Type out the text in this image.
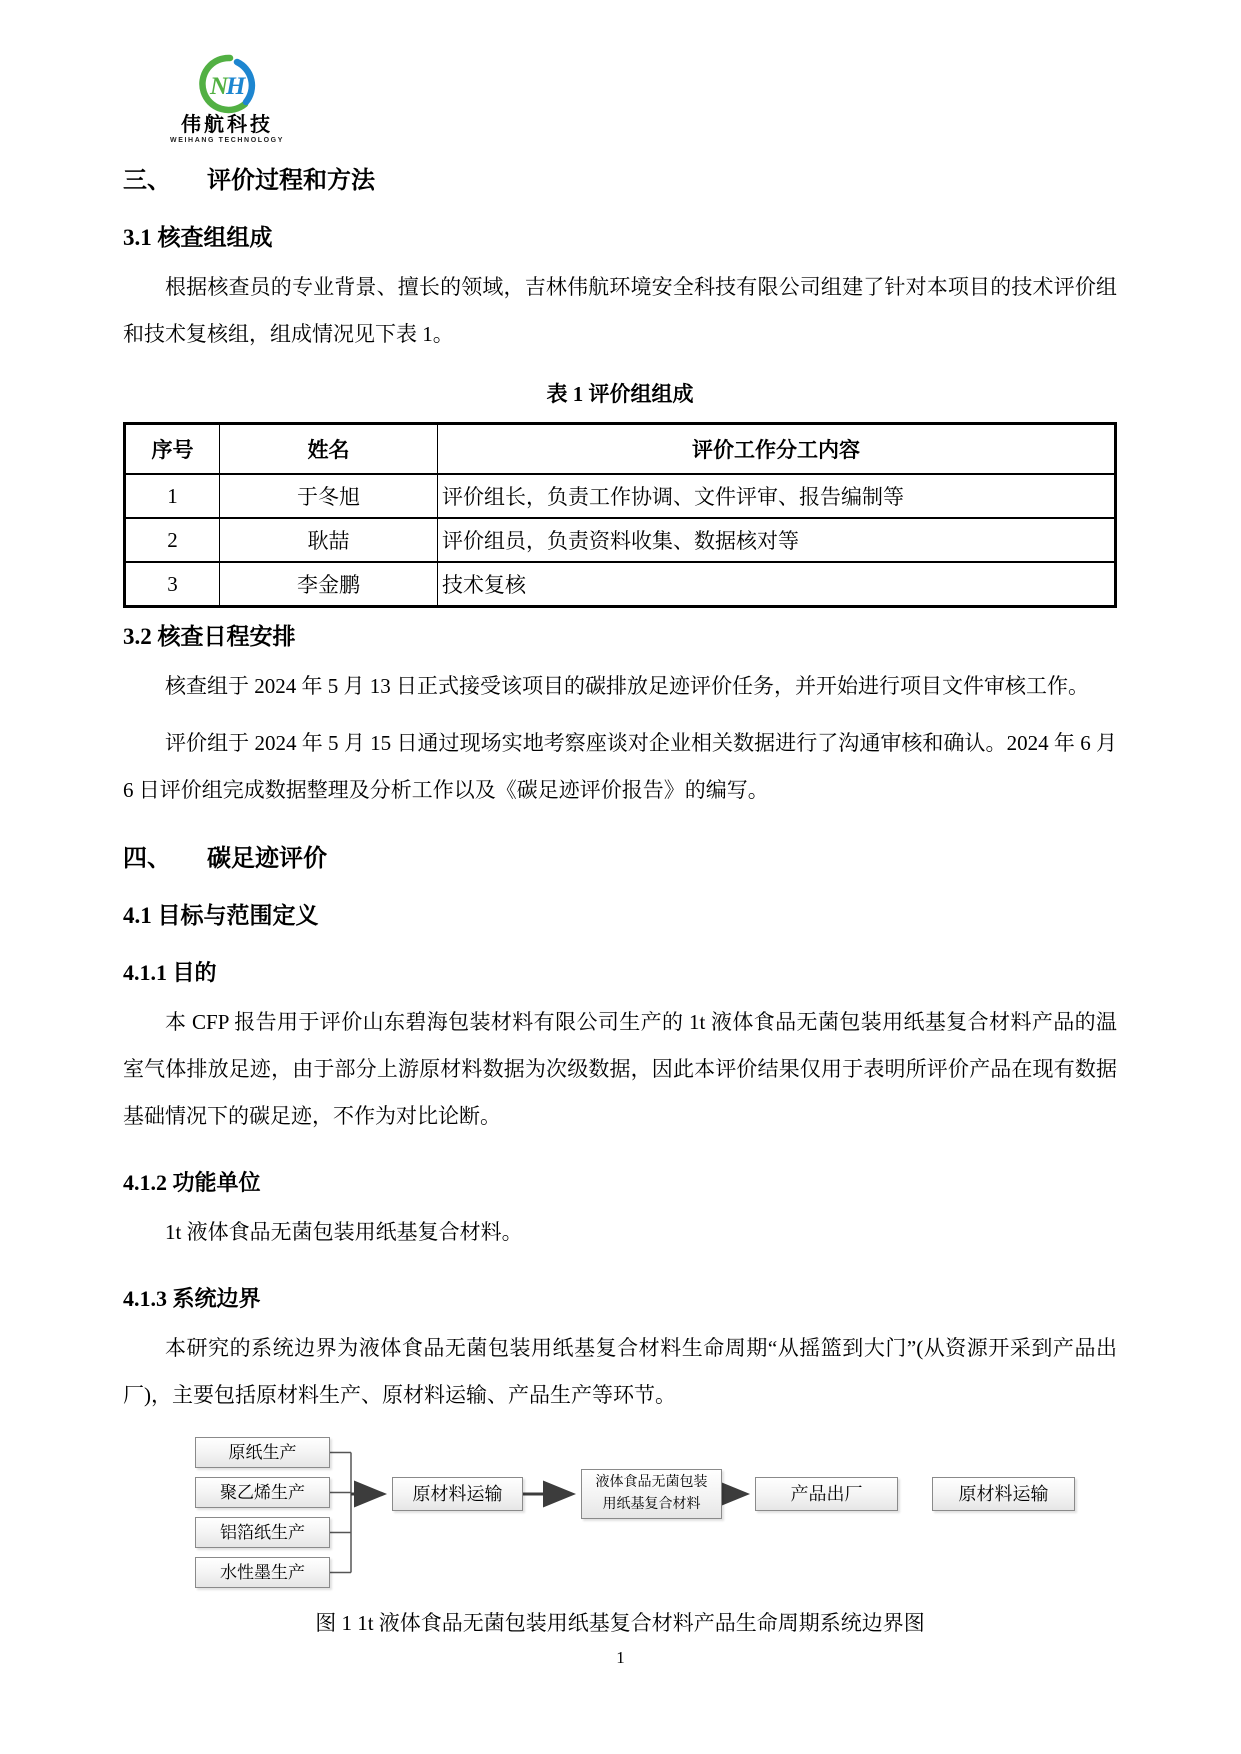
N
H
伟航科技
WEIHANG TECHNOLOGY
三、　　评价过程和方法
3.1 核查组组成

根据核查员的专业背景、擅长的领域，吉林伟航环境安全科技有限公司组建了针对本项目的技术评价组和技术复核组，组成情况见下表 1。

表 1 评价组组成
序号	姓名	评价工作分工内容
1	于冬旭	评价组长，负责工作协调、文件评审、报告编制等
2	耿喆	评价组员，负责资料收集、数据核对等
3	李金鹏	技术复核
3.2 核查日程安排

核查组于 2024 年 5 月 13 日正式接受该项目的碳排放足迹评价任务，并开始进行项目文件审核工作。

评价组于 2024 年 5 月 15 日通过现场实地考察座谈对企业相关数据进行了沟通审核和确认。2024 年 6 月 6 日评价组完成数据整理及分析工作以及《碳足迹评价报告》的编写。

四、　　碳足迹评价
4.1 目标与范围定义
4.1.1 目的

本 CFP 报告用于评价山东碧海包装材料有限公司生产的 1t 液体食品无菌包装用纸基复合材料产品的温室气体排放足迹，由于部分上游原材料数据为次级数据，因此本评价结果仅用于表明所评价产品在现有数据基础情况下的碳足迹，不作为对比论断。

4.1.2 功能单位

1t 液体食品无菌包装用纸基复合材料。

4.1.3 系统边界

本研究的系统边界为液体食品无菌包装用纸基复合材料生命周期“从摇篮到大门”(从资源开采到产品出厂)，主要包括原材料生产、原材料运输、产品生产等环节。

原纸生产
聚乙烯生产
铝箔纸生产
水性墨生产
原材料运输
液体食品无菌包装
用纸基复合材料
产品出厂	原材料运输
图 1 1t 液体食品无菌包装用纸基复合材料产品生命周期系统边界图
1
